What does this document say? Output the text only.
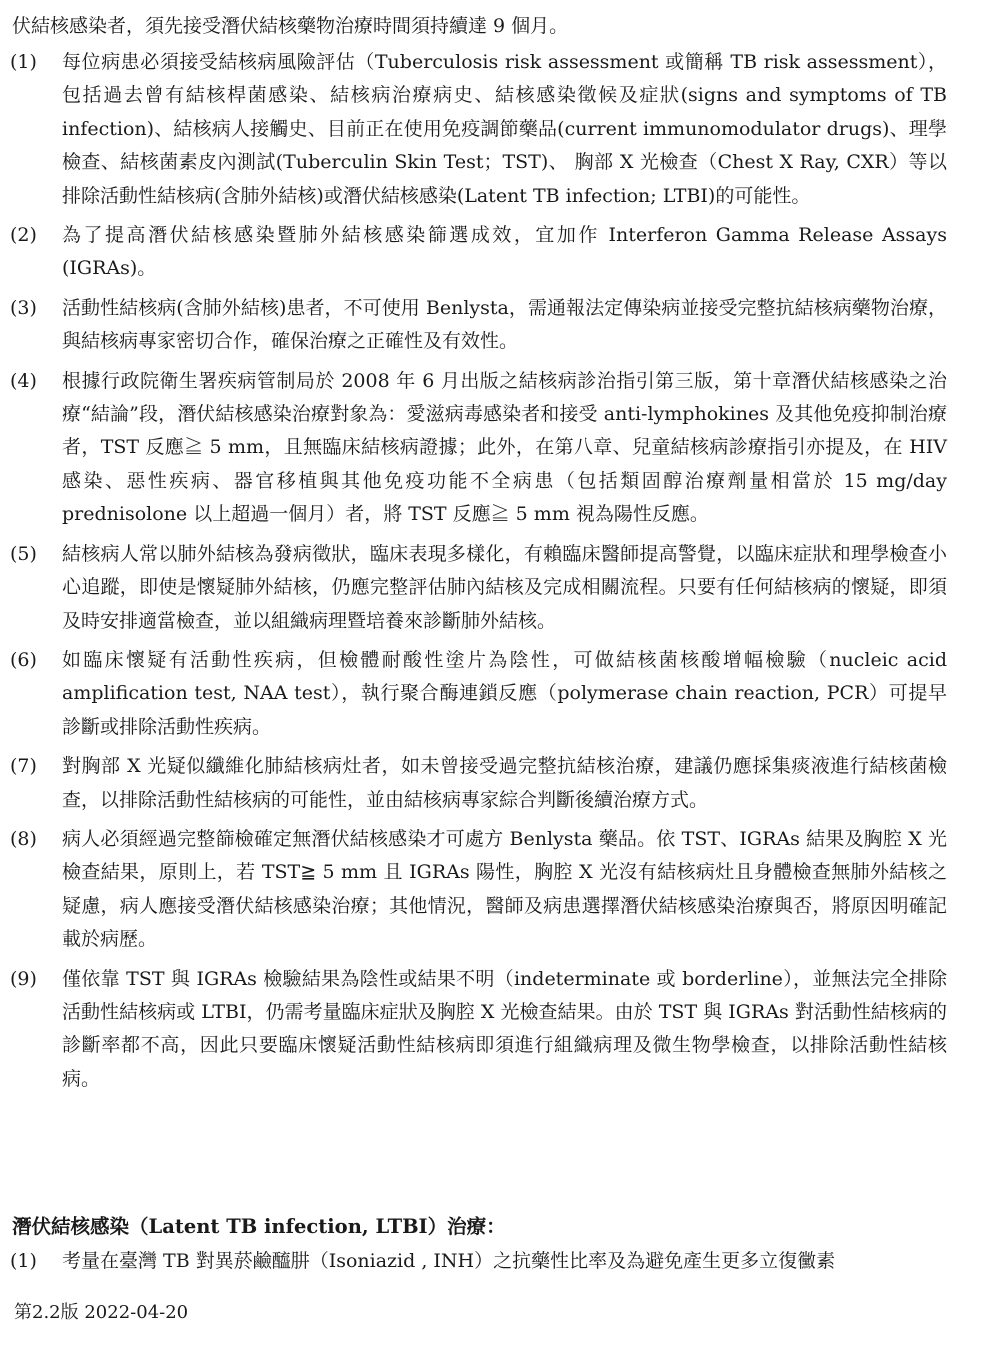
伏結核感染者，須先接受潛伏結核藥物治療時間須持續達 9 個月。

(1)	每位病患必須接受結核病風險評估（Tuberculosis risk assessment 或簡稱 TB risk assessment），包括過去曾有結核桿菌感染、結核病治療病史、結核感染徵候及症狀(signs and symptoms of TB infection)、結核病人接觸史、目前正在使用免疫調節藥品(current immunomodulator drugs)、理學檢查、結核菌素皮內測試(Tuberculin Skin Test；TST)、 胸部 X 光檢查（Chest X Ray, CXR）等以排除活動性結核病(含肺外結核)或潛伏結核感染(Latent TB infection; LTBI)的可能性。
(2)	為了提高潛伏結核感染暨肺外結核感染篩選成效，宜加作 Interferon Gamma Release Assays (IGRAs)。
(3)	活動性結核病(含肺外結核)患者，不可使用 Benlysta，需通報法定傳染病並接受完整抗結核病藥物治療，與結核病專家密切合作，確保治療之正確性及有效性。
(4)	根據行政院衛生署疾病管制局於 2008 年 6 月出版之結核病診治指引第三版，第十章潛伏結核感染之治療“結論”段，潛伏結核感染治療對象為：愛滋病毒感染者和接受 anti-lymphokines 及其他免疫抑制治療者，TST 反應≧ 5 mm，且無臨床結核病證據；此外，在第八章、兒童結核病診療指引亦提及，在 HIV 感染、惡性疾病、器官移植與其他免疫功能不全病患（包括類固醇治療劑量相當於 15 mg/day prednisolone 以上超過一個月）者，將 TST 反應≧ 5 mm 視為陽性反應。
(5)	結核病人常以肺外結核為發病徵狀，臨床表現多樣化，有賴臨床醫師提高警覺，以臨床症狀和理學檢查小心追蹤，即使是懷疑肺外結核，仍應完整評估肺內結核及完成相關流程。只要有任何結核病的懷疑，即須及時安排適當檢查，並以組織病理暨培養來診斷肺外結核。
(6)	如臨床懷疑有活動性疾病，但檢體耐酸性塗片為陰性，可做結核菌核酸增幅檢驗（nucleic acid amplification test, NAA test），執行聚合酶連鎖反應（polymerase chain reaction, PCR）可提早診斷或排除活動性疾病。
(7)	對胸部 X 光疑似纖維化肺結核病灶者，如未曾接受過完整抗結核治療，建議仍應採集痰液進行結核菌檢查，以排除活動性結核病的可能性，並由結核病專家綜合判斷後續治療方式。
(8)	病人必須經過完整篩檢確定無潛伏結核感染才可處方 Benlysta 藥品。依 TST、IGRAs 結果及胸腔 X 光檢查結果，原則上，若 TST≧ 5 mm 且 IGRAs 陽性，胸腔 X 光沒有結核病灶且身體檢查無肺外結核之疑慮，病人應接受潛伏結核感染治療；其他情況，醫師及病患選擇潛伏結核感染治療與否，將原因明確記載於病歷。
(9)	僅依靠 TST 與 IGRAs 檢驗結果為陰性或結果不明（indeterminate 或 borderline），並無法完全排除活動性結核病或 LTBI，仍需考量臨床症狀及胸腔 X 光檢查結果。由於 TST 與 IGRAs 對活動性結核病的診斷率都不高，因此只要臨床懷疑活動性結核病即須進行組織病理及微生物學檢查，以排除活動性結核病。

潛伏結核感染（Latent TB infection, LTBI）治療：

(1)	考量在臺灣 TB 對異菸鹼醯肼（Isoniazid , INH）之抗藥性比率及為避免產生更多立復黴素

第2.2版 2022-04-20
